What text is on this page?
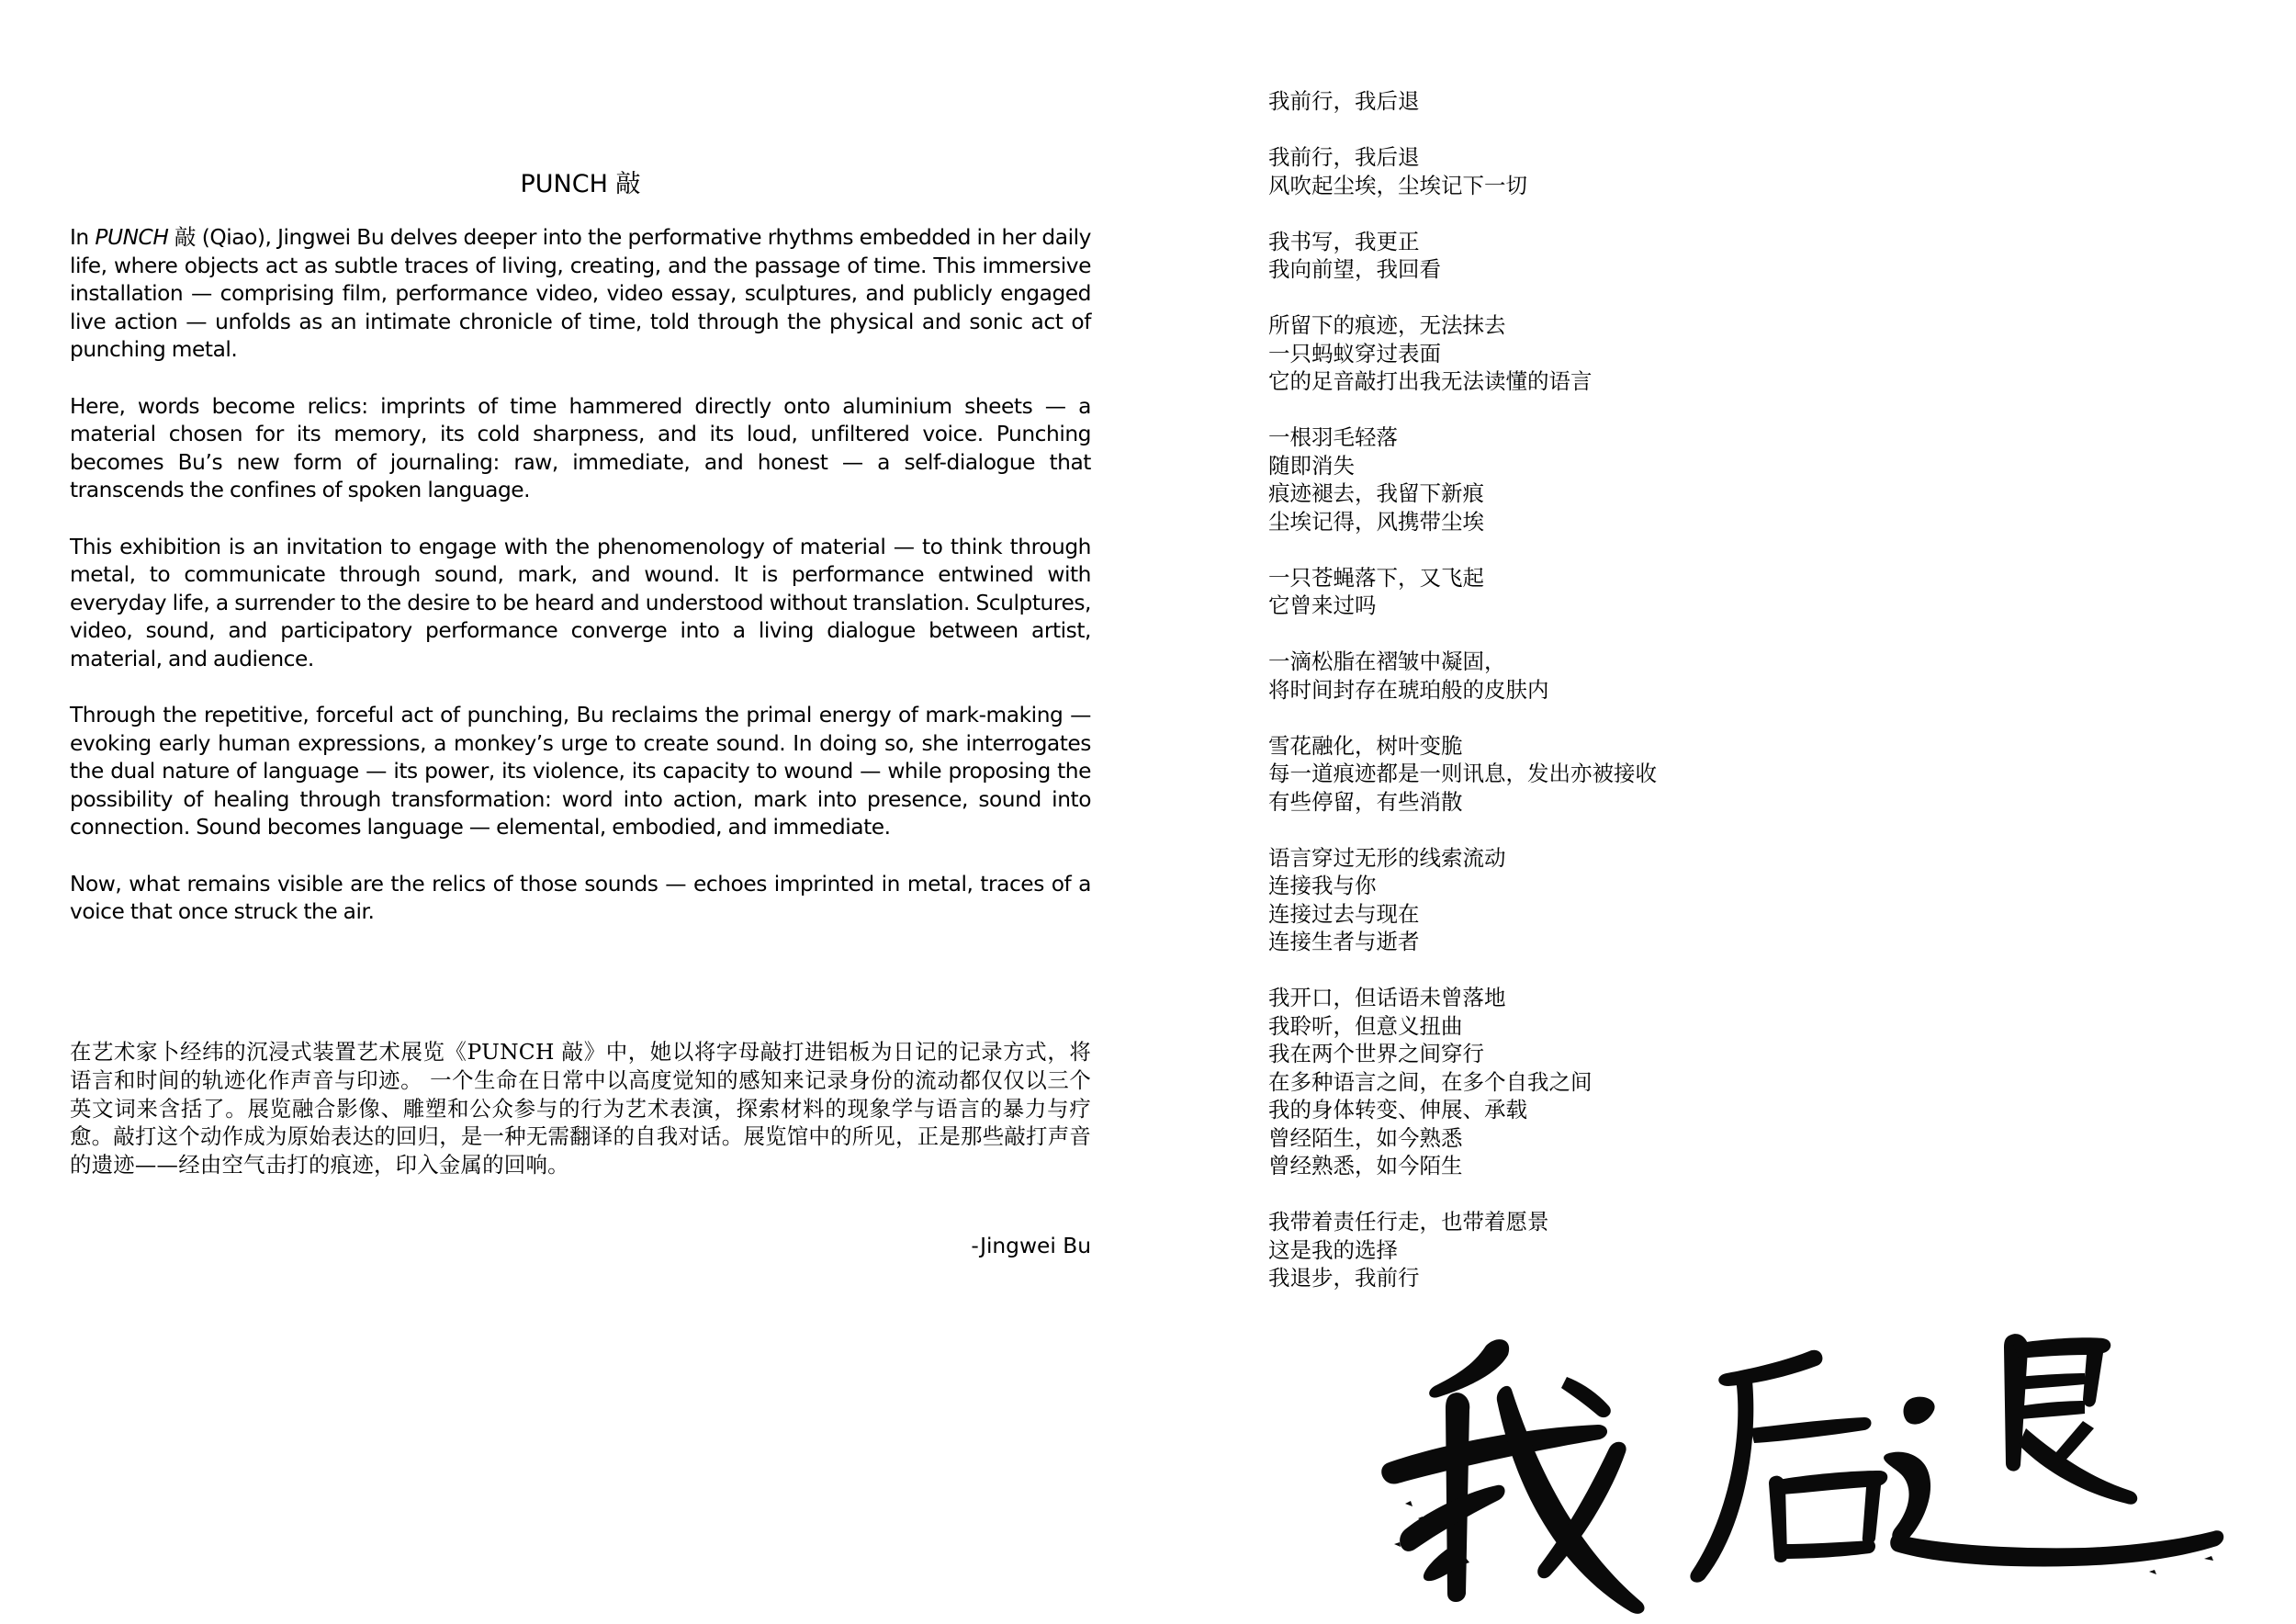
PUNCH 敲

In PUNCH 敲 (Qiao), Jingwei Bu delves deeper into the performative rhythms embedded in her daily life, where objects act as subtle traces of living, creating, and the passage of time. This immersive installation — comprising film, performance video, video essay, sculptures, and publicly engaged live action — unfolds as an intimate chronicle of time, told through the physical and sonic act of punching metal.

Here, words become relics: imprints of time hammered directly onto aluminium sheets — a material chosen for its memory, its cold sharpness, and its loud, unfiltered voice. Punching becomes Bu’s new form of journaling: raw, immediate, and honest — a self-dialogue that transcends the confines of spoken language.

This exhibition is an invitation to engage with the phenomenology of material — to think through metal, to communicate through sound, mark, and wound. It is performance entwined with everyday life, a surrender to the desire to be heard and understood without translation. Sculptures, video, sound, and participatory performance converge into a living dialogue between artist, material, and audience.

Through the repetitive, forceful act of punching, Bu reclaims the primal energy of mark-making — evoking early human expressions, a monkey’s urge to create sound. In doing so, she interrogates the dual nature of language — its power, its violence, its capacity to wound — while proposing the possibility of healing through transformation: word into action, mark into presence, sound into connection. Sound becomes language — elemental, embodied, and immediate.

Now, what remains visible are the relics of those sounds — echoes imprinted in metal, traces of a voice that once struck the air.

在艺术家卜经纬的沉浸式装置艺术展览《PUNCH 敲》中，她以将字母敲打进铝板为日记的记录方式，将语言和时间的轨迹化作声音与印迹。 一个生命在日常中以高度觉知的感知来记录身份的流动都仅仅以三个英文词来含括了。展览融合影像、雕塑和公众参与的行为艺术表演，探索材料的现象学与语言的暴力与疗愈。敲打这个动作成为原始表达的回归，是一种无需翻译的自我对话。展览馆中的所见，正是那些敲打声音的遗迹——经由空气击打的痕迹，印入金属的回响。

-Jingwei Bu

我前行，我后退
我前行，我后退
风吹起尘埃，尘埃记下一切
我书写，我更正
我向前望，我回看
所留下的痕迹，无法抹去
一只蚂蚁穿过表面
它的足音敲打出我无法读懂的语言
一根羽毛轻落
随即消失
痕迹褪去，我留下新痕
尘埃记得，风携带尘埃
一只苍蝇落下，又飞起
它曾来过吗
一滴松脂在褶皱中凝固，
将时间封存在琥珀般的皮肤内
雪花融化，树叶变脆
每一道痕迹都是一则讯息，发出亦被接收
有些停留，有些消散
语言穿过无形的线索流动
连接我与你
连接过去与现在
连接生者与逝者
我开口，但话语未曾落地
我聆听，但意义扭曲
我在两个世界之间穿行
在多种语言之间，在多个自我之间
我的身体转变、伸展、承载
曾经陌生，如今熟悉
曾经熟悉，如今陌生
我带着责任行走，也带着愿景
这是我的选择
我退步，我前行
